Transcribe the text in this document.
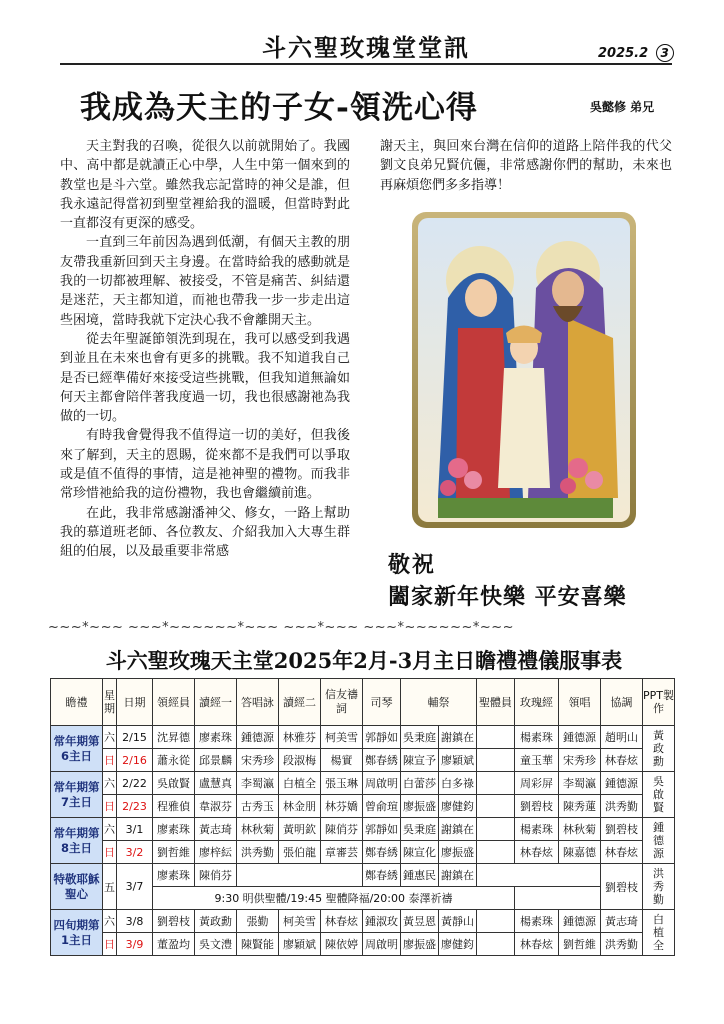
斗六聖玫瑰堂堂訊	2025.2 3
我成為天主的子女-領洗心得	吳懿修 弟兄

天主對我的召喚，從很久以前就開始了。我國中、高中都是就讀正心中學，人生中第一個來到的教堂也是斗六堂。雖然我忘記當時的神父是誰，但我永遠記得當初到聖堂裡給我的溫暖，但當時對此一直都沒有更深的感受。

一直到三年前因為遇到低潮，有個天主教的朋友帶我重新回到天主身邊。在當時給我的感動就是我的一切都被理解、被接受，不管是痛苦、糾結還是迷茫，天主都知道，而祂也帶我一步一步走出這些困境，當時我就下定決心我不會離開天主。

從去年聖誕節領洗到現在，我可以感受到我遇到並且在未來也會有更多的挑戰。我不知道我自己是否已經準備好來接受這些挑戰，但我知道無論如何天主都會陪伴著我度過一切，我也很感謝祂為我做的一切。

有時我會覺得我不值得這一切的美好，但我後來了解到，天主的恩賜，從來都不是我們可以爭取或是值不值得的事情，這是祂神聖的禮物。而我非常珍惜祂給我的這份禮物，我也會繼續前進。

在此，我非常感謝潘神父、修女，一路上幫助我的慕道班老師、各位教友、介紹我加入大專生群組的伯展，以及最重要非常感

謝天主，與回來台灣在信仰的道路上陪伴我的代父劉文良弟兄賢伉儷，非常感謝你們的幫助，未來也再麻煩您們多多指導！

敬祝
闔家新年快樂 平安喜樂
~~~*~~~ ~~~*~~~~~~*~~~ ~~~*~~~ ~~~*~~~~~~*~~~
斗六聖玫瑰天主堂2025年2月-3月主日瞻禮禮儀服事表
瞻禮	星期	日期	領經員	讀經一	答唱詠	讀經二	信友禱詞	司琴	輔祭		聖體員	玫瑰經	領唱	協調	PPT製作
常年期第6主日	六	2/15	沈昇德	廖素珠	鍾德源	林雅芬	柯美雪	郭靜如	吳秉庭	謝鎮在		楊素珠	鍾德源	趙明山	黃
政
勳
	日	2/16	蕭永從	邱景麟	宋秀珍	段淑梅	楊實	鄭春綉	陳宣予	廖穎斌		童玉華	宋秀珍	林春炫	
常年期第7主日	六	2/22	吳啟賢	盧慧真	李蜀瀛	白植全	張玉琳	周啟明	白蕾莎	白多祿		周彩屏	李蜀瀛	鍾德源	吳
啟
賢
	日	2/23	程雅偵	韋淑芬	古秀玉	林金朋	林芬嬌	曾俞瑄	廖振盛	廖健鈞		劉碧枝	陳秀蓮	洪秀勤	
常年期第8主日	六	3/1	廖素珠	黃志琦	林秋菊	黃明欽	陳俏芬	郭靜如	吳秉庭	謝鎮在		楊素珠	林秋菊	劉碧枝	鍾
德
源
	日	3/2	劉哲維	廖梓紜	洪秀勤	張伯龍	章審芸	鄭春綉	陳宣化	廖振盛		林春炫	陳嘉德	林春炫	
特敬耶穌聖心	五	3/7	廖素珠	陳俏芬				鄭春綉	鍾惠民	謝鎮在				劉碧枝	洪
秀
勤
			9:30 明供聖體/19:45 聖體降福/20:00 泰澤祈禱												
四旬期第1主日	六	3/8	劉碧枝	黃政勳	張勤	柯美雪	林春炫	鍾淑玫	黃昱恩	黃靜山		楊素珠	鍾德源	黃志琦	白
植
全
	日	3/9	董盈均	吳文澧	陳賢能	廖穎斌	陳依婷	周啟明	廖振盛	廖健鈞		林春炫	劉哲維	洪秀勤	
